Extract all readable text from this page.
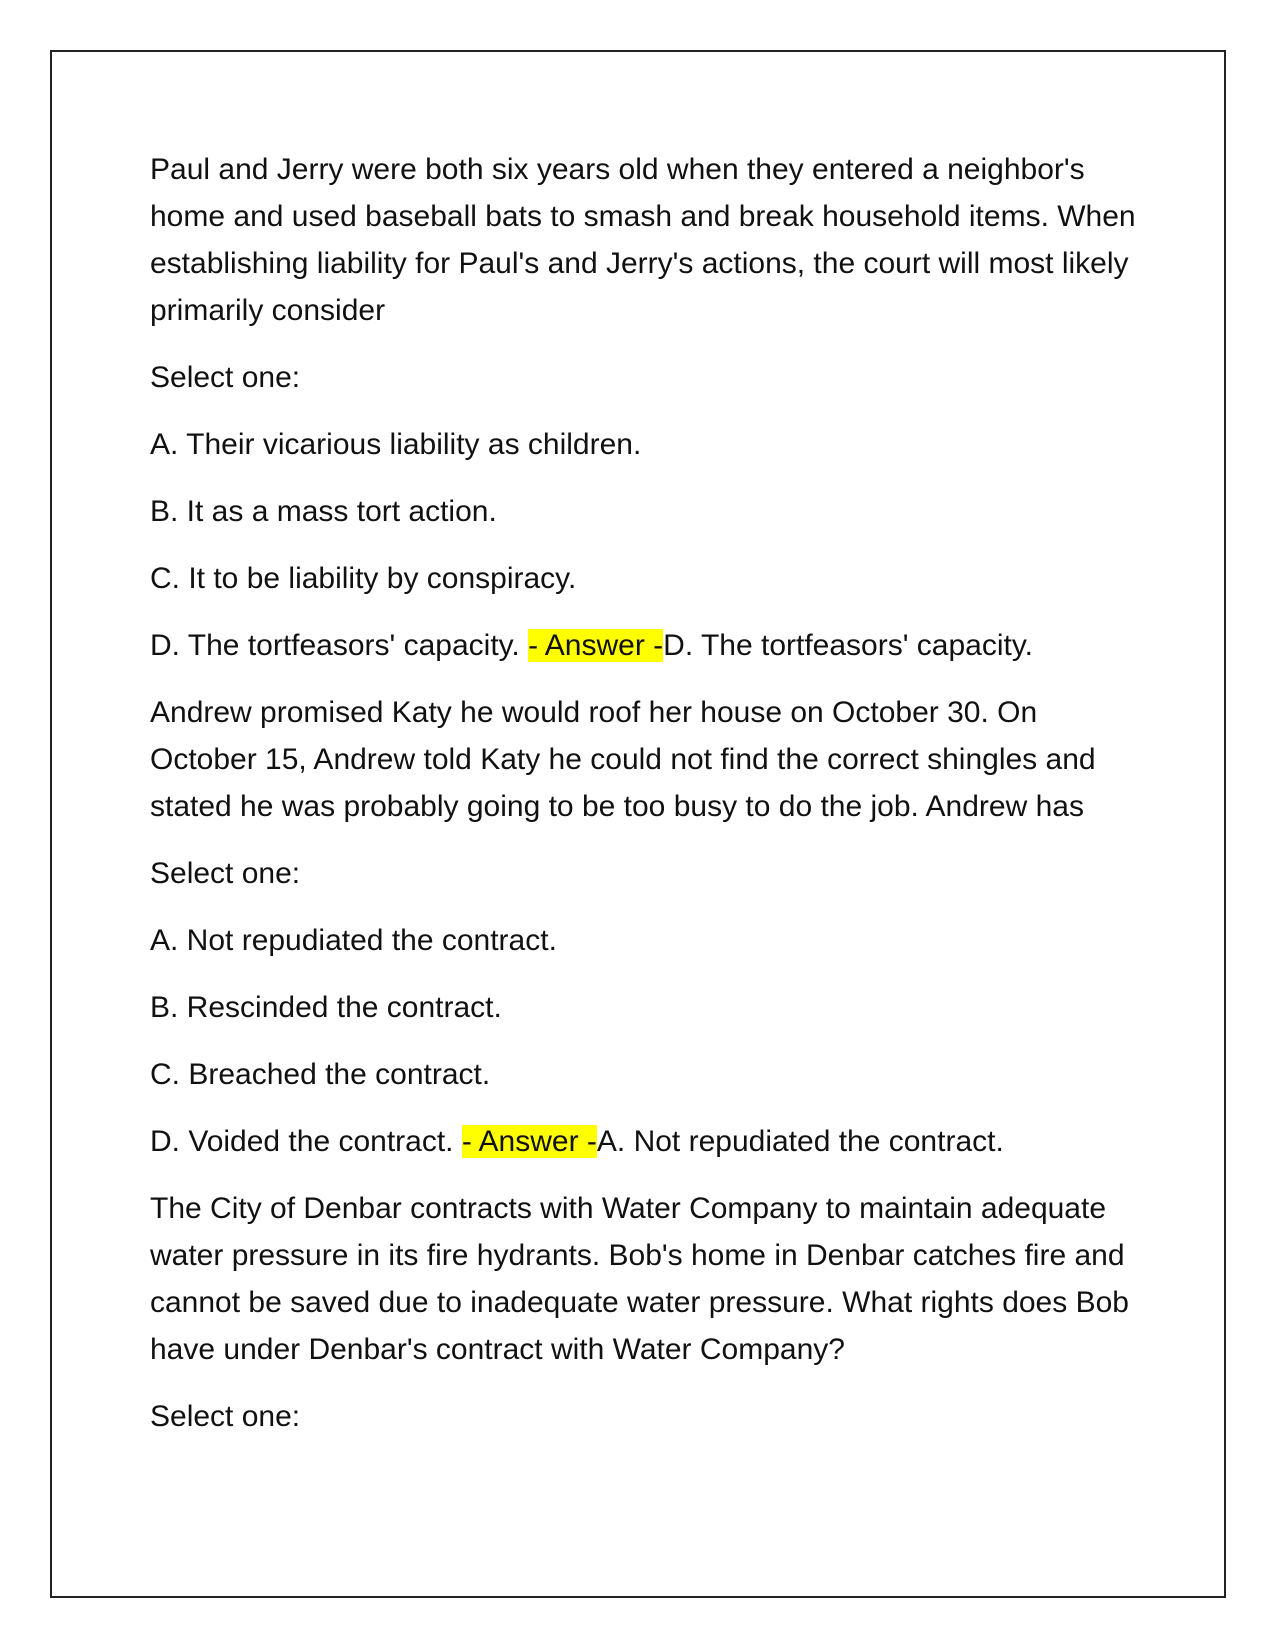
Paul and Jerry were both six years old when they entered a neighbor's home and used baseball bats to smash and break household items. When establishing liability for Paul's and Jerry's actions, the court will most likely primarily consider

Select one:

A. Their vicarious liability as children.

B. It as a mass tort action.

C. It to be liability by conspiracy.

D. The tortfeasors' capacity. - Answer -D. The tortfeasors' capacity.

Andrew promised Katy he would roof her house on October 30. On October 15, Andrew told Katy he could not find the correct shingles and stated he was probably going to be too busy to do the job. Andrew has

Select one:

A. Not repudiated the contract.

B. Rescinded the contract.

C. Breached the contract.

D. Voided the contract. - Answer -A. Not repudiated the contract.

The City of Denbar contracts with Water Company to maintain adequate water pressure in its fire hydrants. Bob's home in Denbar catches fire and cannot be saved due to inadequate water pressure. What rights does Bob have under Denbar's contract with Water Company?

Select one:
